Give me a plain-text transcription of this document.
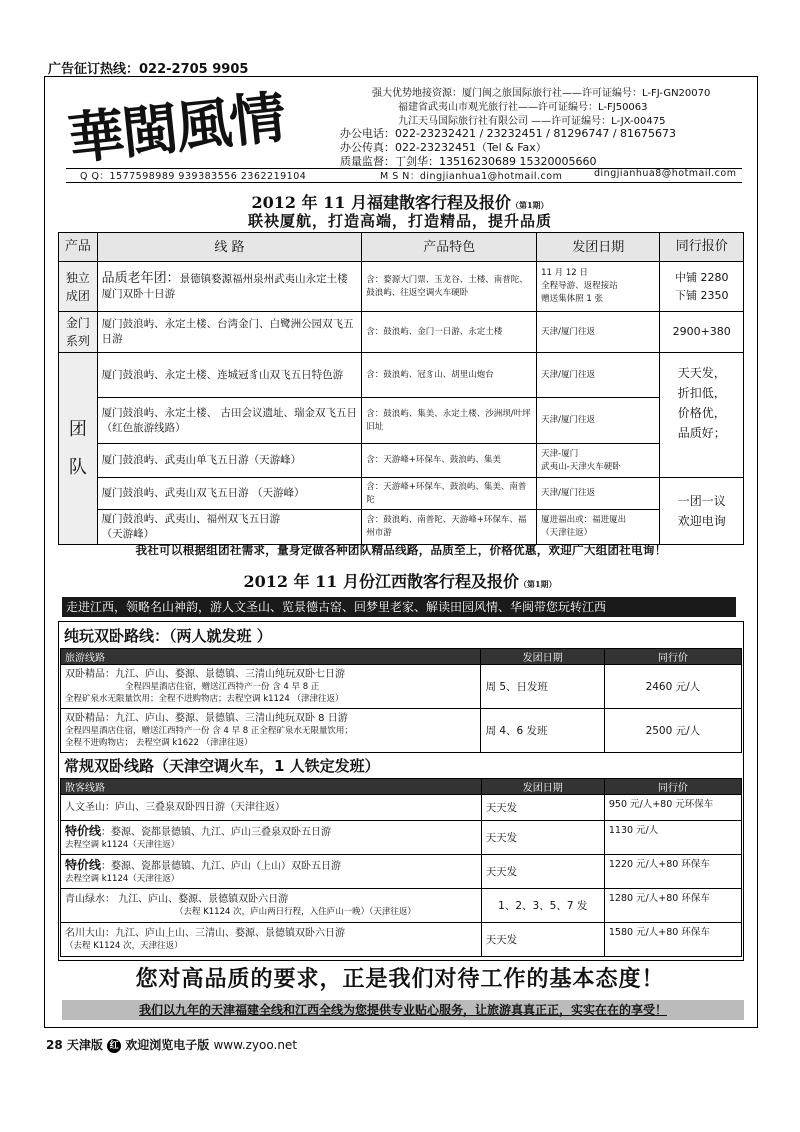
广告征订热线：022-2705 9905
華閩風情	强大优势地接资源：厦门闽之旅国际旅行社——许可证编号：L-FJ-GN20070
福建省武夷山市观光旅行社——许可证编号：L-FJ50063
九江天马国际旅行社有限公司 ——许可证编号：L-JX-00475
办公电话：022-23232421 / 23232451 / 81296747 / 81675673
办公传真：022-23232451（Tel & Fax）
质量监督：丁剑华：13516230689 15320005660
Q Q：1577598989 939383556 2362219104	M S N：dingjianhua1@hotmail.com	dingjianhua8@hotmail.com
2012 年 11 月福建散客行程及报价（第1期）
联袂厦航，打造高端，打造精品，提升品质
产品	线 路	产品特色	发团日期	同行报价
独立成团	品质老年团：景德镇婺源福州泉州武夷山永定土楼厦门双卧十日游	含：婺源大门票、玉龙谷、土楼、南普陀、鼓浪屿、往返空调火车硬卧	11 月 12 日
全程导游、返程接站
赠送集体照 1 张	中铺 2280
下铺 2350
金门系列	厦门鼓浪屿、永定土楼、台湾金门、白鹭洲公园双飞五日游	含：鼓浪屿、金门一日游、永定土楼	天津/厦门往返	2900+380
团
队	厦门鼓浪屿、永定土楼、连城冠豸山双飞五日特色游	含：鼓浪屿、冠豸山、胡里山炮台	天津/厦门往返	天天发，
折扣低，
价格优，
品质好；
	厦门鼓浪屿、永定土楼、 古田会议遗址、瑞金双飞五日（红色旅游线路）	含：鼓浪屿、集美、永定土楼、沙洲坝/叶坪旧址	天津/厦门往返	
	厦门鼓浪屿、武夷山单飞五日游（天游峰）	含：天游峰+环保车、鼓浪屿、集美	天津-厦门
武夷山-天津火车硬卧	
	厦门鼓浪屿、武夷山双飞五日游 （天游峰）	含：天游峰+环保车、鼓浪屿、集美、南普陀	天津/厦门往返	一团一议
欢迎电询
	厦门鼓浪屿、武夷山、福州双飞五日游
（天游峰）	含：鼓浪屿、南普陀、天游峰+环保车、福州市游	厦进福出或：福进厦出
（天津往返）	
我社可以根据组团社需求，量身定做各种团队精品线路，品质至上，价格优惠，欢迎广大组团社电询！
2012 年 11 月份江西散客行程及报价（第1期）
走进江西，领略名山神韵，游人文圣山、览景德古窑、回梦里老家、解读田园风情、华闽带您玩转江西
纯玩双卧路线：（两人就发班 ）
旅游线路	发团日期	同行价

双卧精品：九江、庐山、婺源、景德镇、三清山纯玩双卧七日游
全程四星酒店住宿，赠送江西特产一份 含 4 早 8 正
全程矿泉水无限量饮用；全程不进购物店；去程空调 k1124 （津津往返）	周 5、日发班	2460 元/人

双卧精品：九江、庐山、婺源、景德镇、三清山纯玩双卧 8 日游
全程四星酒店住宿，赠送江西特产一份 含 4 早 8 正全程矿泉水无限量饮用；
全程不进购物店； 去程空调 k1622 （津津往返）	周 4、6 发班	2500 元/人
常规双卧线路（天津空调火车，1 人铁定发班）
散客线路	发团日期	同行价
人文圣山：庐山、三叠泉双卧四日游（天津往返）	天天发	950 元/人+80 元环保车

特价线：婺源、瓷都景德镇、九江、庐山三叠泉双卧五日游
去程空调 k1124（天津往返）	天天发	1130 元/人

特价线：婺源、瓷都景德镇、九江、庐山（上山）双卧五日游
去程空调 k1124（天津往返）	天天发	1220 元/人+80 环保车

青山绿水： 九江、庐山、婺源、景德镇双卧六日游
（去程 K1124 次，庐山两日行程，入住庐山一晚）（天津往返）	1、2、3、5、7 发	1280 元/人+80 环保车

名川大山：九江、庐山上山、三清山、婺源、景德镇双卧六日游
（去程 K1124 次，天津往返）	天天发	1580 元/人+80 环保车
您对高品质的要求，正是我们对待工作的基本态度！
我们以九年的天津福建全线和江西全线为您提供专业贴心服务，让旅游真真正正，实实在在的享受！
28 天津版 红 欢迎浏览电子版 www.zyoo.net
